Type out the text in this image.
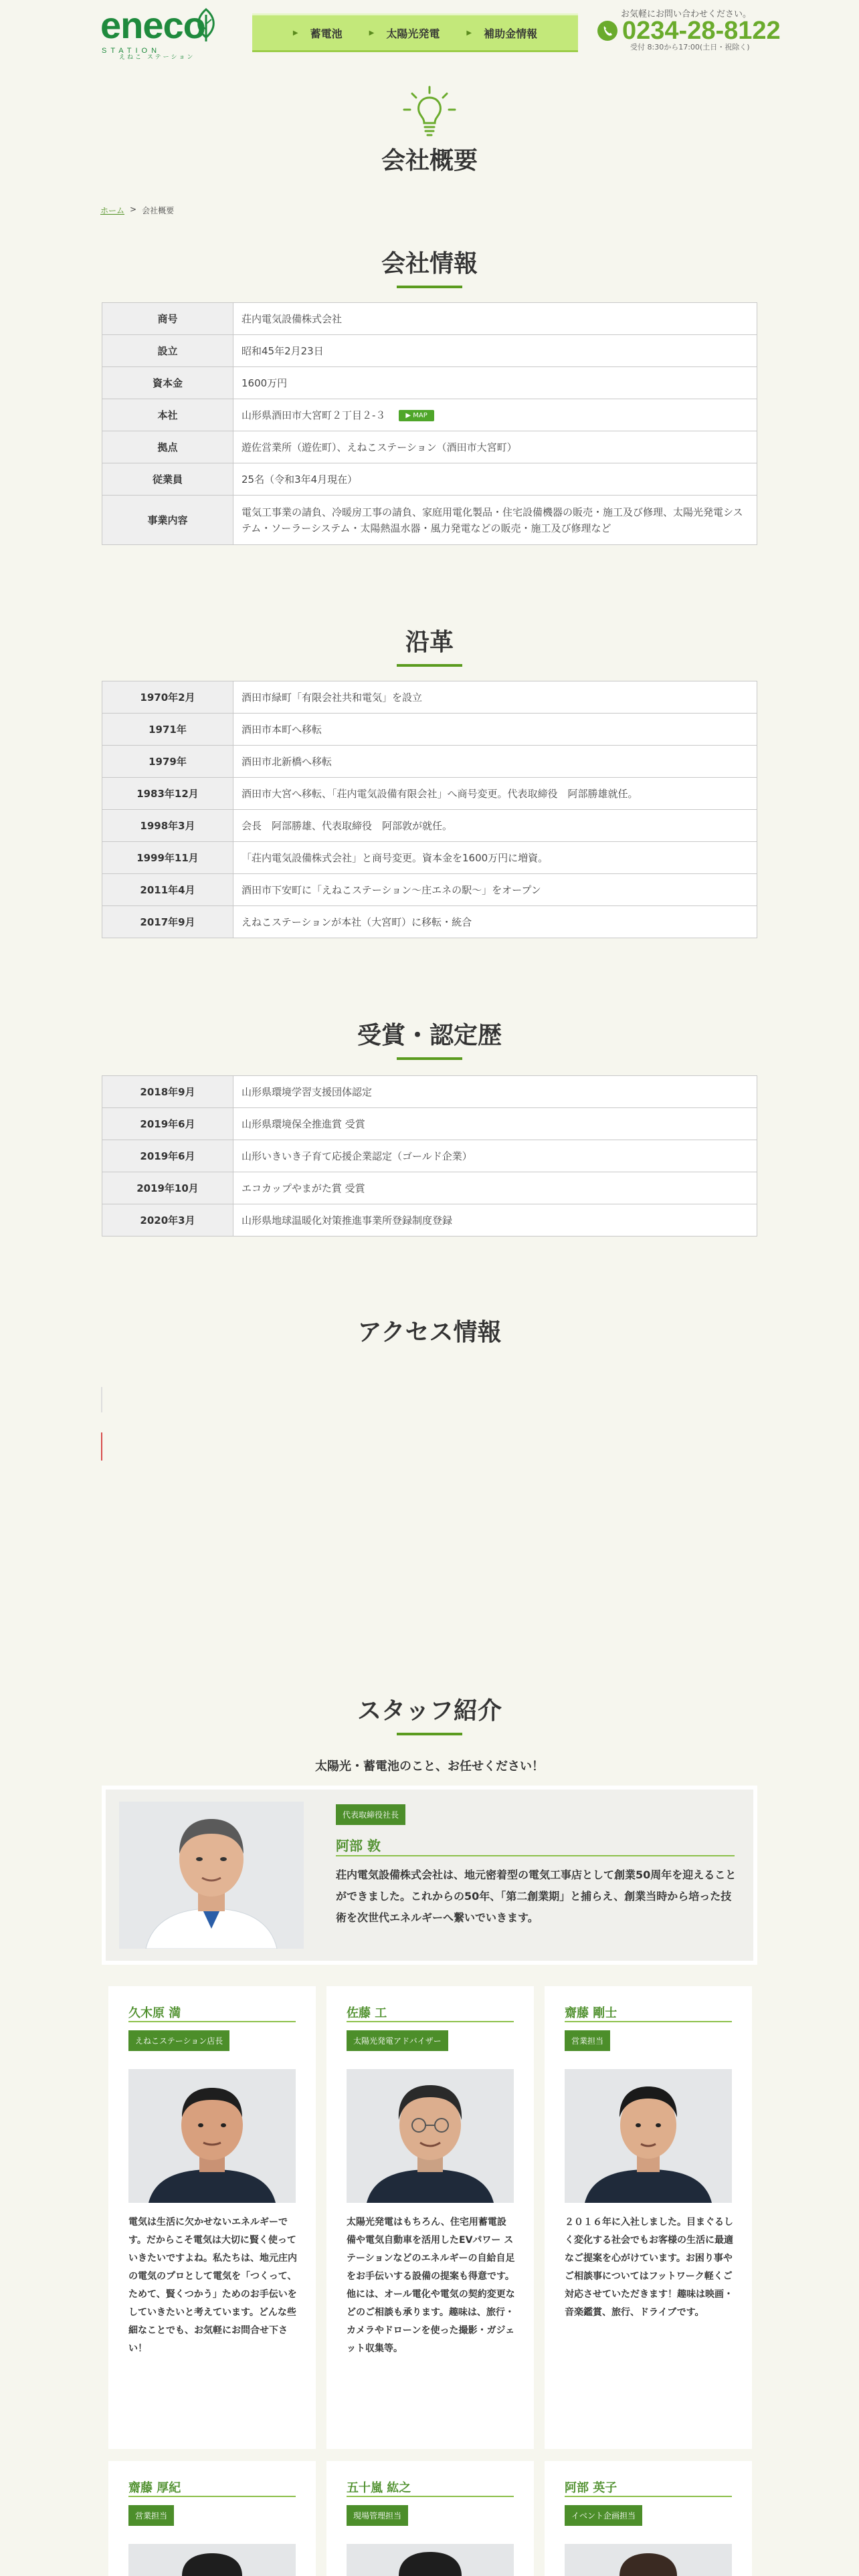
eneco
STATION
えねこ ステーション
▶ 蓄電池	▶ 太陽光発電	▶ 補助金情報
お気軽にお問い合わせください。
0234-28-8122
受付 8:30から17:00(土日・祝除く)
会社概要
ホーム > 会社概要
会社情報
商号	荘内電気設備株式会社
設立	昭和45年2月23日
資本金	1600万円
本社	山形県酒田市大宮町２丁目２-３ ▶ MAP
拠点	遊佐営業所（遊佐町）、えねこステーション（酒田市大宮町）
従業員	25名（令和3年4月現在）
事業内容	電気工事業の請負、冷暖房工事の請負、家庭用電化製品・住宅設備機器の販売・施工及び修理、太陽光発電システム・ソーラーシステム・太陽熱温水器・風力発電などの販売・施工及び修理など
沿革
1970年2月	酒田市緑町「有限会社共和電気」を設立
1971年	酒田市本町へ移転
1979年	酒田市北新橋へ移転
1983年12月	酒田市大宮へ移転、「荘内電気設備有限会社」へ商号変更。代表取締役　阿部勝雄就任。
1998年3月	会長　阿部勝雄、代表取締役　阿部敦が就任。
1999年11月	「荘内電気設備株式会社」と商号変更。資本金を1600万円に増資。
2011年4月	酒田市下安町に「えねこステーション〜庄エネの駅〜」をオープン
2017年9月	えねこステーションが本社（大宮町）に移転・統合
受賞・認定歴
2018年9月	山形県環境学習支援団体認定
2019年6月	山形県環境保全推進賞 受賞
2019年6月	山形いきいき子育て応援企業認定（ゴールド企業）
2019年10月	エコカップやまがた賞 受賞
2020年3月	山形県地球温暖化対策推進事業所登録制度登録
アクセス情報
スタッフ紹介

太陽光・蓄電池のこと、お任せください！

代表取締役社長
阿部 敦

荘内電気設備株式会社は、地元密着型の電気工事店として創業50周年を迎えることができました。これからの50年、「第二創業期」と捕らえ、創業当時から培った技術を次世代エネルギーへ繋いでいきます。

久木原 満
えねこステーション店長

電気は生活に欠かせないエネルギーです。だからこそ電気は大切に賢く使っていきたいですよね。私たちは、地元庄内の電気のプロとして電気を「つくって、ためて、賢くつかう」ためのお手伝いをしていきたいと考えています。どんな些細なことでも、お気軽にお問合せ下さい！

佐藤 工
太陽光発電アドバイザー

太陽光発電はもちろん、住宅用蓄電設備や電気自動車を活用したEVパワー ステーションなどのエネルギーの自給自足をお手伝いする設備の提案も得意です。他には、オール電化や電気の契約変更などのご相談も承ります。趣味は、旅行・カメラやドローンを使った撮影・ガジェット収集等。

齋藤 剛士
営業担当

２０１６年に入社しました。目まぐるしく変化する社会でもお客様の生活に最適なご提案を心がけています。お困り事やご相談事についてはフットワーク軽くご対応させていただきます！趣味は映画・音楽鑑賞、旅行、ドライブです。

齋藤 厚紀
営業担当
五十嵐 紘之
現場管理担当
阿部 英子
イベント企画担当
